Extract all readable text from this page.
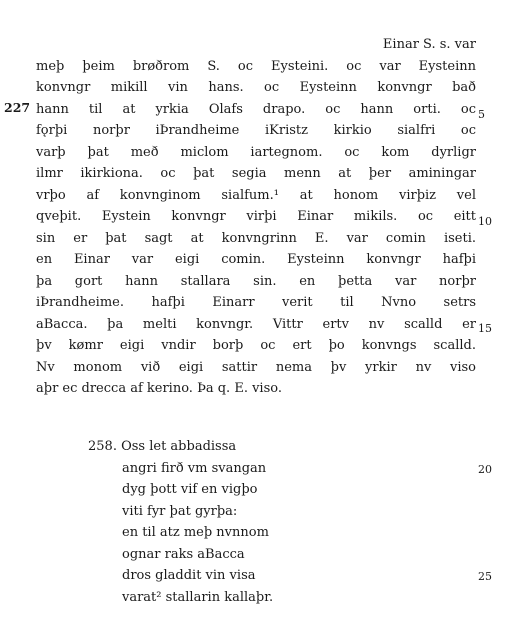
Einar S. s. var
meþ þeim brøðrom S. oc Eysteini. oc var Eysteinn
konvngr mikill vin hans. oc Eysteinn konvngr bað
hann til at yrkia Olafs drapo. oc hann orti. oc
fǫrþi norþr iÞrandheime iKristz kirkio sialfri oc
varþ þat með miclom iartegnom. oc kom dyrligr
ilmr ikirkiona. oc þat segia menn at þer aminingar
vrþo af konvnginom sialfum.¹ at honom virþiz vel
qveþit. Eystein konvngr virþi Einar mikils. oc eitt
sin er þat sagt at konvngrinn E. var comin iseti.
en Einar var eigi comin. Eysteinn konvngr hafþi
þa gort hann stallara sin. en þetta var norþr
iÞrandheime. hafþi Einarr verit til Nvno setrs
aBacca. þa melti konvngr. Vittr ertv nv scalld er
þv kømr eigi vndir borþ oc ert þo konvngs scalld.
Nv monom við eigi sattir nema þv yrkir nv viso
aþr ec drecca af kerino. Þa q. E. viso.
227	5
10
15
20
25
258. Oss let abbadissa
angri firð vm svangan
dyg þott vif en vigþo
viti fyr þat gyrþa:
en til atz meþ nvnnom
ognar raks aBacca
dros gladdit vin visa
varat² stallarin kallaþr.
